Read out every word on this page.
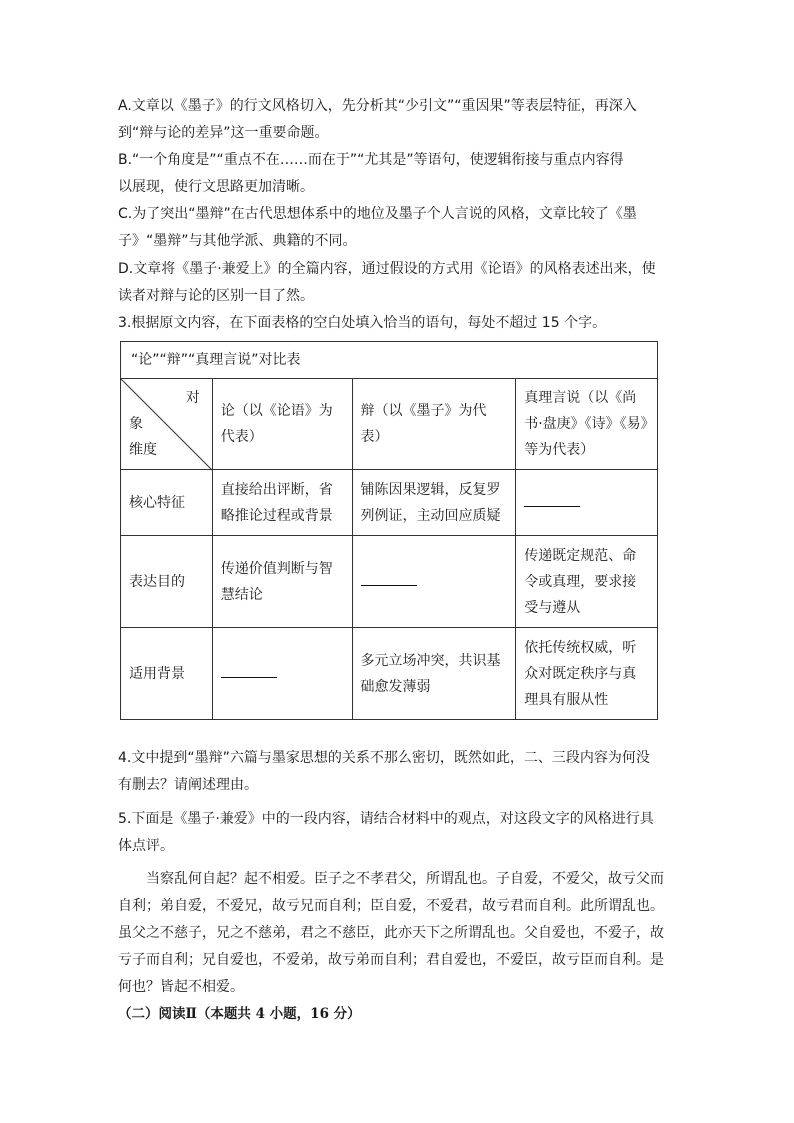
A.文章以《墨子》的行文风格切入，先分析其“少引文”“重因果”等表层特征，再深入
到“辩与论的差异”这一重要命题。

B.“一个角度是”“重点不在……而在于”“尤其是”等语句，使逻辑衔接与重点内容得
以展现，使行文思路更加清晰。

C.为了突出“墨辩”在古代思想体系中的地位及墨子个人言说的风格，文章比较了《墨
子》“墨辩”与其他学派、典籍的不同。

D.文章将《墨子·兼爱上》的全篇内容，通过假设的方式用《论语》的风格表述出来，使
读者对辩与论的区别一目了然。

3.根据原文内容，在下面表格的空白处填入恰当的语句，每处不超过 15 个字。

“论”“辩”“真理言说”对比表			

对
象
维度	论（以《论语》为代表）	辩（以《墨子》为代表）	真理言说（以《尚书·盘庚》《诗》《易》等为代表）
核心特征	直接给出评断，省略推论过程或背景	铺陈因果逻辑，反复罗列例证，主动回应质疑	
表达目的	传递价值判断与智慧结论		传递既定规范、命令或真理，要求接受与遵从
适用背景		多元立场冲突，共识基础愈发薄弱	依托传统权威，听众对既定秩序与真理具有服从性

4.文中提到“墨辩”六篇与墨家思想的关系不那么密切，既然如此，二、三段内容为何没
有删去？请阐述理由。

5.下面是《墨子·兼爱》中的一段内容，请结合材料中的观点，对这段文字的风格进行具
体点评。

当察乱何自起？起不相爱。臣子之不孝君父，所谓乱也。子自爱，不爱父，故亏父而
自利；弟自爱，不爱兄，故亏兄而自利；臣自爱，不爱君，故亏君而自利。此所谓乱也。
虽父之不慈子，兄之不慈弟，君之不慈臣，此亦天下之所谓乱也。父自爱也，不爱子，故
亏子而自利；兄自爱也，不爱弟，故亏弟而自利；君自爱也，不爱臣，故亏臣而自利。是
何也？皆起不相爱。

（二）阅读Ⅱ（本题共 4 小题，16 分）
